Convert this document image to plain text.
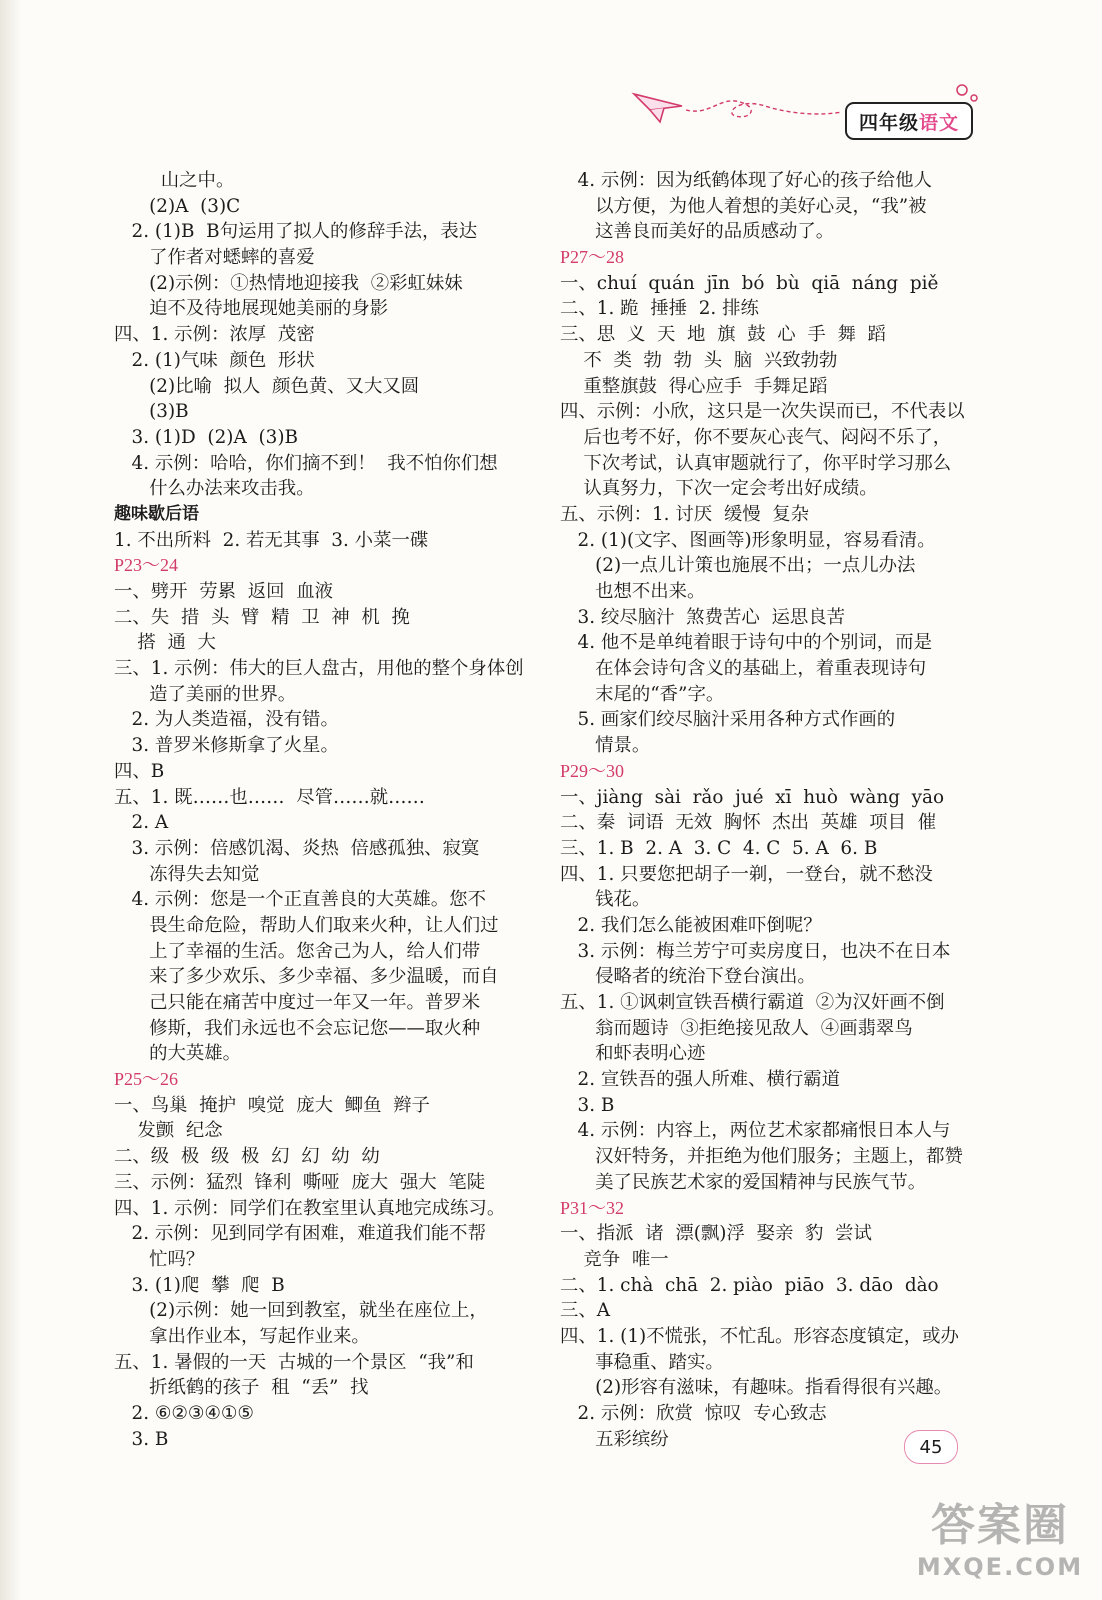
四年级 语文
山之中。
(2)A  (3)C
2. (1)B  B句运用了拟人的修辞手法，表达
了作者对蟋蟀的喜爱
(2)示例：①热情地迎接我  ②彩虹妹妹
迫不及待地展现她美丽的身影
四、1. 示例：浓厚  茂密
2. (1)气味  颜色  形状
(2)比喻  拟人  颜色黄、又大又圆
(3)B
3. (1)D  (2)A  (3)B
4. 示例：哈哈，你们摘不到！  我不怕你们想
什么办法来攻击我。
趣味歇后语
1. 不出所料  2. 若无其事  3. 小菜一碟
P23～24
一、劈开  劳累  返回  血液
二、失  措  头  臂  精  卫  神  机  挽
搭  通  大
三、1. 示例：伟大的巨人盘古，用他的整个身体创
造了美丽的世界。
2. 为人类造福，没有错。
3. 普罗米修斯拿了火星。
四、B
五、1. 既……也……  尽管……就……
2. A
3. 示例：倍感饥渴、炎热  倍感孤独、寂寞
冻得失去知觉
4. 示例：您是一个正直善良的大英雄。您不
畏生命危险，帮助人们取来火种，让人们过
上了幸福的生活。您舍己为人，给人们带
来了多少欢乐、多少幸福、多少温暖，而自
己只能在痛苦中度过一年又一年。普罗米
修斯，我们永远也不会忘记您——取火种
的大英雄。
P25～26
一、鸟巢  掩护  嗅觉  庞大  鲫鱼  辫子
发颤  纪念
二、级  极  级  极  幻  幻  幼  幼
三、示例：猛烈  锋利  嘶哑  庞大  强大  笔陡
四、1. 示例：同学们在教室里认真地完成练习。
2. 示例：见到同学有困难，难道我们能不帮
忙吗？
3. (1)爬  攀  爬  B
(2)示例：她一回到教室，就坐在座位上，
拿出作业本，写起作业来。
五、1. 暑假的一天  古城的一个景区  “我”和
折纸鹤的孩子  租  “丢”  找
2. ⑥②③④①⑤
3. B
4. 示例：因为纸鹤体现了好心的孩子给他人
以方便，为他人着想的美好心灵，“我”被
这善良而美好的品质感动了。
P27～28
一、chuí  quán  jīn  bó  bù  qiā  náng  piě
二、1. 跪  捶捶  2. 排练
三、思  义  天  地  旗  鼓  心  手  舞  蹈
不  类  勃  勃  头  脑  兴致勃勃
重整旗鼓  得心应手  手舞足蹈
四、示例：小欣，这只是一次失误而已，不代表以
后也考不好，你不要灰心丧气、闷闷不乐了，
下次考试，认真审题就行了，你平时学习那么
认真努力，下次一定会考出好成绩。
五、示例：1. 讨厌  缓慢  复杂
2. (1)(文字、图画等)形象明显，容易看清。
(2)一点儿计策也施展不出；一点儿办法
也想不出来。
3. 绞尽脑汁  煞费苦心  运思良苦
4. 他不是单纯着眼于诗句中的个别词，而是
在体会诗句含义的基础上，着重表现诗句
末尾的“香”字。
5. 画家们绞尽脑汁采用各种方式作画的
情景。
P29～30
一、jiàng  sài  rǎo  jué  xī  huò  wàng  yāo
二、秦  词语  无效  胸怀  杰出  英雄  项目  催
三、1. B  2. A  3. C  4. C  5. A  6. B
四、1. 只要您把胡子一剃，一登台，就不愁没
钱花。
2. 我们怎么能被困难吓倒呢？
3. 示例：梅兰芳宁可卖房度日，也决不在日本
侵略者的统治下登台演出。
五、1. ①讽刺宣铁吾横行霸道  ②为汉奸画不倒
翁而题诗  ③拒绝接见敌人  ④画翡翠鸟
和虾表明心迹
2. 宣铁吾的强人所难、横行霸道
3. B
4. 示例：内容上，两位艺术家都痛恨日本人与
汉奸特务，并拒绝为他们服务；主题上，都赞
美了民族艺术家的爱国精神与民族气节。
P31～32
一、指派  诸  漂(飘)浮  娶亲  豹  尝试
竞争  唯一
二、1. chà  chā  2. piào  piāo  3. dāo  dào
三、A
四、1. (1)不慌张，不忙乱。形容态度镇定，或办
事稳重、踏实。
(2)形容有滋味，有趣味。指看得很有兴趣。
2. 示例：欣赏  惊叹  专心致志
五彩缤纷	45
答案圈
MXQE.COM
